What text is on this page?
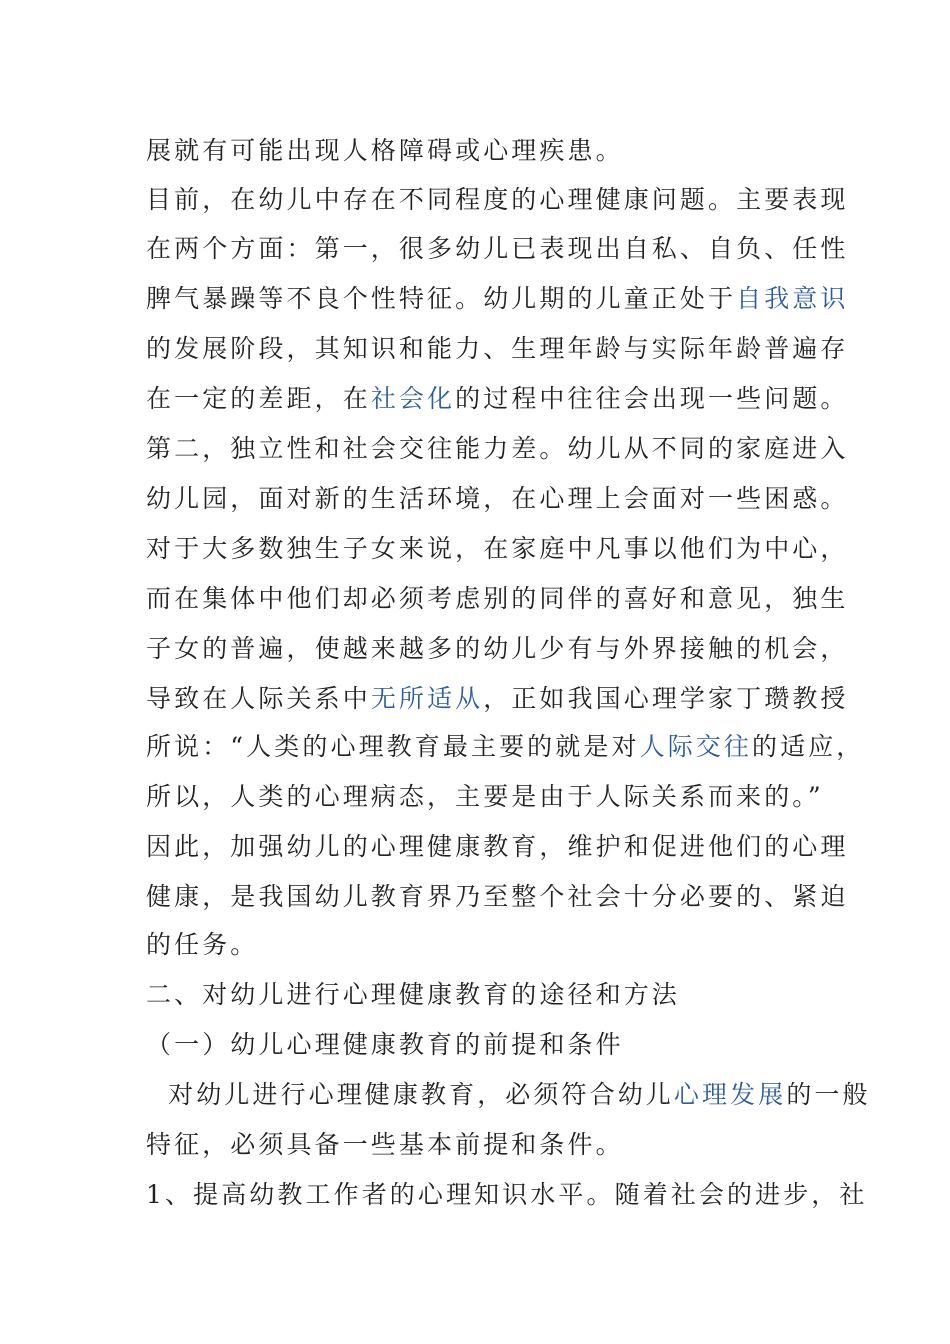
展就有可能出现人格障碍或心理疾患。
目前，在幼儿中存在不同程度的心理健康问题。主要表现
在两个方面：第一，很多幼儿已表现出自私、自负、任性
脾气暴躁等不良个性特征。幼儿期的儿童正处于自我意识
的发展阶段，其知识和能力、生理年龄与实际年龄普遍存
在一定的差距，在社会化的过程中往往会出现一些问题。
第二，独立性和社会交往能力差。幼儿从不同的家庭进入
幼儿园，面对新的生活环境，在心理上会面对一些困惑。
对于大多数独生子女来说，在家庭中凡事以他们为中心，
而在集体中他们却必须考虑别的同伴的喜好和意见，独生
子女的普遍，使越来越多的幼儿少有与外界接触的机会，
导致在人际关系中无所适从，正如我国心理学家丁瓒教授
所说：“人类的心理教育最主要的就是对人际交往的适应，
所以，人类的心理病态，主要是由于人际关系而来的。”
因此，加强幼儿的心理健康教育，维护和促进他们的心理
健康，是我国幼儿教育界乃至整个社会十分必要的、紧迫
的任务。
二、对幼儿进行心理健康教育的途径和方法
（一）幼儿心理健康教育的前提和条件
对幼儿进行心理健康教育，必须符合幼儿心理发展的一般
特征，必须具备一些基本前提和条件。
1、提高幼教工作者的心理知识水平。随着社会的进步，社
